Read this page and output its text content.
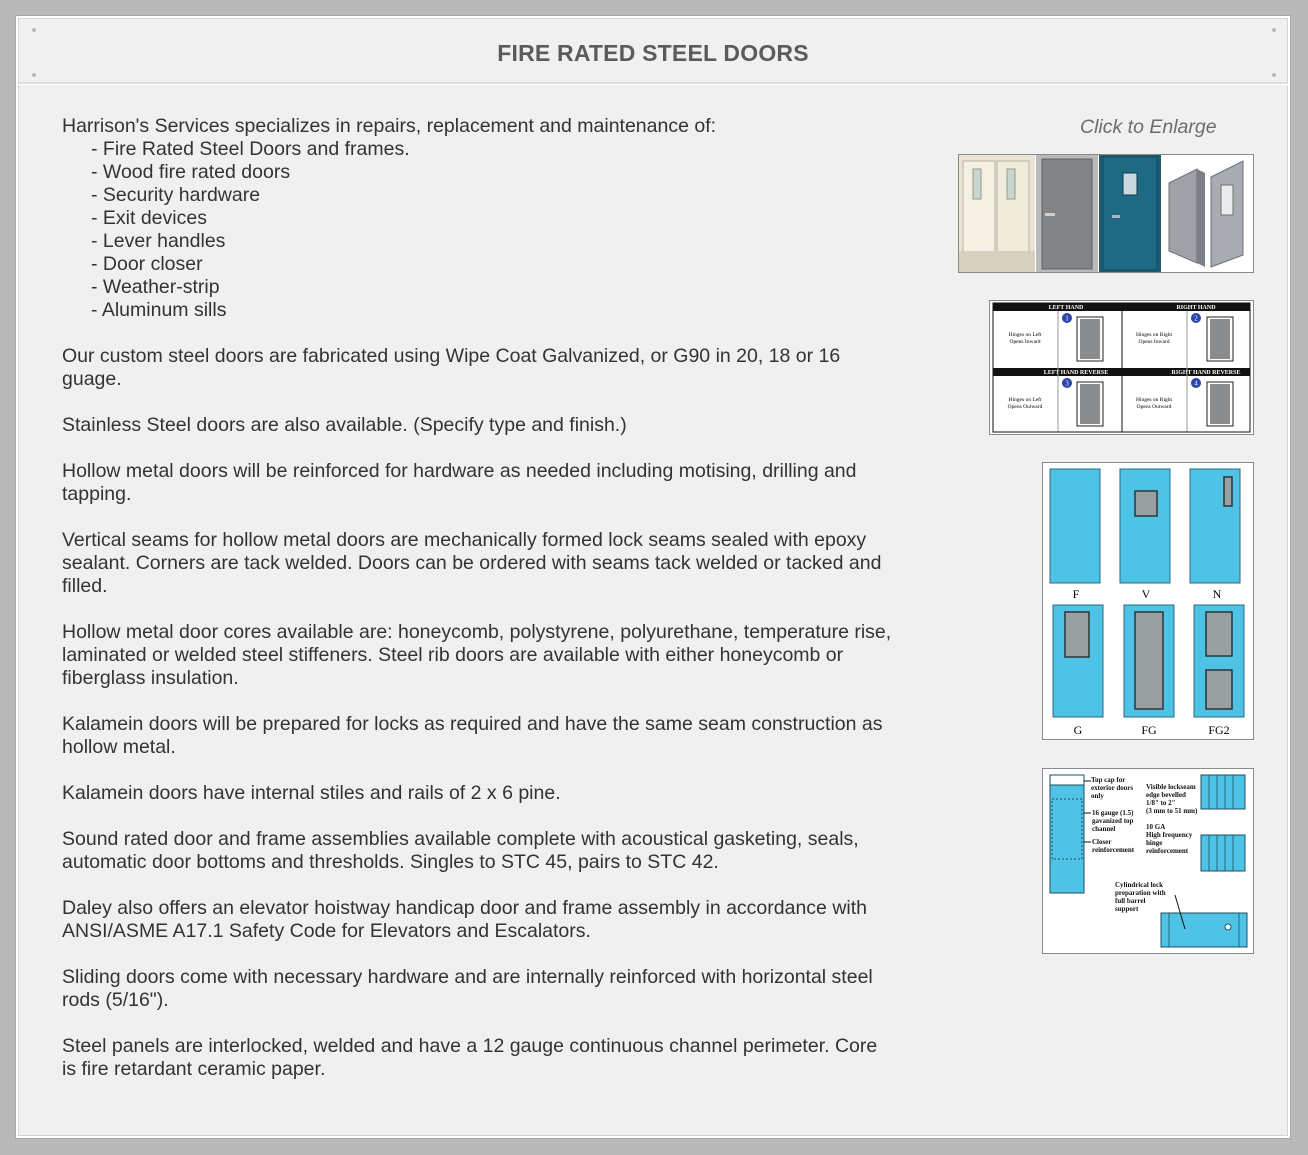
FIRE RATED STEEL DOORS

Harrison's Services specializes in repairs, replacement and maintenance of:

- Fire Rated Steel Doors and frames.
- Wood fire rated doors
- Security hardware
- Exit devices
- Lever handles
- Door closer
- Weather-strip
- Aluminum sills

Our custom steel doors are fabricated using Wipe Coat Galvanized, or G90 in 20, 18 or 16 guage.

Stainless Steel doors are also available. (Specify type and finish.)

Hollow metal doors will be reinforced for hardware as needed including motising, drilling and tapping.

Vertical seams for hollow metal doors are mechanically formed lock seams sealed with epoxy sealant. Corners are tack welded. Doors can be ordered with seams tack welded or tacked and filled.

Hollow metal door cores available are: honeycomb, polystyrene, polyurethane, temperature rise, laminated or welded steel stiffeners. Steel rib doors are available with either honeycomb or fiberglass insulation.

Kalamein doors will be prepared for locks as required and have the same seam construction as hollow metal.

Kalamein doors have internal stiles and rails of 2 x 6 pine.

Sound rated door and frame assemblies available complete with acoustical gasketing, seals, automatic door bottoms and thresholds. Singles to STC 45, pairs to STC 42.

Daley also offers an elevator hoistway handicap door and frame assembly in accordance with ANSI/ASME A17.1 Safety Code for Elevators and Escalators.

Sliding doors come with necessary hardware and are internally reinforced with horizontal steel rods (5/16").

Steel panels are interlocked, welded and have a 12 gauge continuous channel perimeter. Core is fire retardant ceramic paper.

Click to Enlarge
LEFT HAND	RIGHT HAND
LEFT HAND REVERSE	RIGHT HAND REVERSE
Hinges on Left
Opens Inward
1
Hinges on Right
Opens Inward
2
Hinges on Left
Opens Outward
3
Hinges on Right
Opens Outward
4
F	V	N
G	FG	FG2
Top cap for
exterior doors
only
16 gauge (1.5)
gavanized top
channel
Closer
reinforcement
Visible lockseam
edge bevelled
1/8" to 2"
(3 mm to 51 mm)
10 GA
High frequency
hinge
reinforcement
Cylindrical lock
preparation with
full barrel
support
